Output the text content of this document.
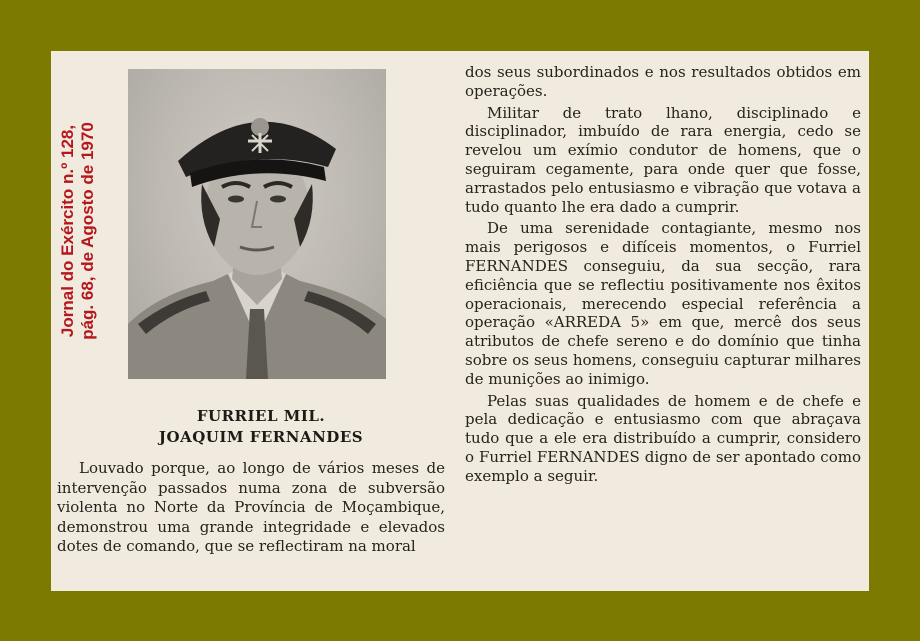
Jornal do Exército n.º 128, pág. 68, de Agosto de 1970
FURRIEL MIL.
JOAQUIM FERNANDES

Louvado porque, ao longo de vários meses de intervenção passados numa zona de subversão violenta no Norte da Província de Moçambique, demonstrou uma grande integridade e elevados dotes de comando, que se reflectiram na moral

dos seus subordinados e nos resultados obtidos em operações.

Militar de trato lhano, disciplinado e disciplinador, imbuído de rara energia, cedo se revelou um exímio condutor de homens, que o seguiram cegamente, para onde quer que fosse, arrastados pelo entusiasmo e vibração que votava a tudo quanto lhe era dado a cumprir.

De uma serenidade contagiante, mesmo nos mais perigosos e difíceis momentos, o Furriel FERNANDES conseguiu, da sua secção, rara eficiência que se reflectiu positivamente nos êxitos operacionais, merecendo especial referência a operação «ARREDA 5» em que, mercê dos seus atributos de chefe sereno e do domínio que tinha sobre os seus homens, conseguiu capturar milhares de munições ao inimigo.

Pelas suas qualidades de homem e de chefe e pela dedicação e entusiasmo com que abraçava tudo que a ele era distribuído a cumprir, considero o Furriel FERNANDES digno de ser apontado como exemplo a seguir.
